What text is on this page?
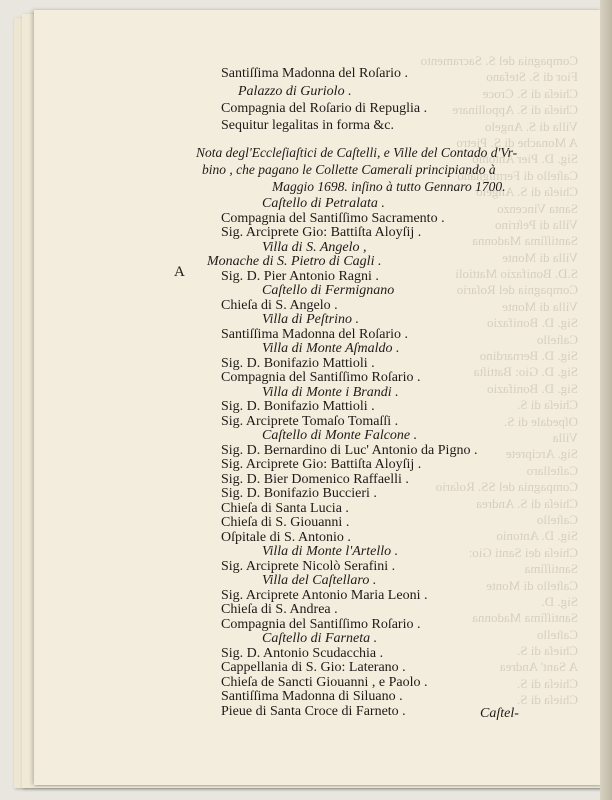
Compagnia del S. Sacramento
Fior di S. Stefano
Chieſa di S. Croce
Chieſa di S. Appollinare
Villa di S. Angelo
A Monache di S. Pietro
Sig. D. Pier Antonio
Caſtello di Fermignano
Chieſa di S. Angelo
Santa Vincenzo
Villa di Peſtrino
Santiſſima Madonna
Villa di Monte
S.D. Bonifazio Mattioli
Compagnia del Roſario
Villa di Monte
Sig. D. Bonifazio
Caſtello
Sig. D. Bernardino
Sig. D. Gio: Battiſta
Sig. D. Bonifazio
Chieſa di S.
Oſpedale di S.
Villa
Sig. Arciprete
Caſtellaro
Compagnia del SS. Roſario
Chieſa di S. Andrea
Caſtello
Sig. D. Antonio
Chieſa dei Santi Gio:
Santiſſima
Caſtello di Monte
Sig. D.
Santiſſima Madonna
Caſtello
Chieſa di S.
A Sant' Andrea
Chieſa di S.
Chieſa di S.
Nota degl'Eccleſiaſtici de Caſtelli, e Ville del Contado d'Vr-
bino , che pagano le Collette Camerali principiando à
Maggio 1698. inſino à tutto Gennaro 1700.
A
Caſtel-
Santiſſima Madonna del Roſario .
Palazzo di Guriolo .
Compagnia del Roſario di Repuglia .
Sequitur legalitas in forma &c.
Caſtello di Petralata .
Compagnia del Santiſſimo Sacramento .
Sig. Arciprete Gio: Battiſta Aloyſij .
Villa di S. Angelo ,
Monache di S. Pietro di Cagli .
Sig. D. Pier Antonio Ragni .
Caſtello di Fermignano
Chieſa di S. Angelo .
Villa di Peſtrino .
Santiſſima Madonna del Roſario .
Villa di Monte Aſmaldo .
Sig. D. Bonifazio Mattioli .
Compagnia del Santiſſimo Roſario .
Villa di Monte i Brandi .
Sig. D. Bonifazio Mattioli .
Sig. Arciprete Tomaſo Tomaſſi .
Caſtello di Monte Falcone .
Sig. D. Bernardino di Luc' Antonio da Pigno .
Sig. Arciprete Gio: Battiſta Aloyſij .
Sig. D. Bier Domenico Raffaelli .
Sig. D. Bonifazio Buccieri .
Chieſa di Santa Lucia .
Chieſa di S. Giouanni .
Oſpitale di S. Antonio .
Villa di Monte l'Artello .
Sig. Arciprete Nicolò Serafini .
Villa del Caſtellaro .
Sig. Arciprete Antonio Maria Leoni .
Chieſa di S. Andrea .
Compagnia del Santiſſimo Roſario .
Caſtello di Farneta .
Sig. D. Antonio Scudacchia .
Cappellania di S. Gio: Laterano .
Chieſa de Sancti Giouanni , e Paolo .
Santiſſima Madonna di Siluano .
Pieue di Santa Croce di Farneto .
